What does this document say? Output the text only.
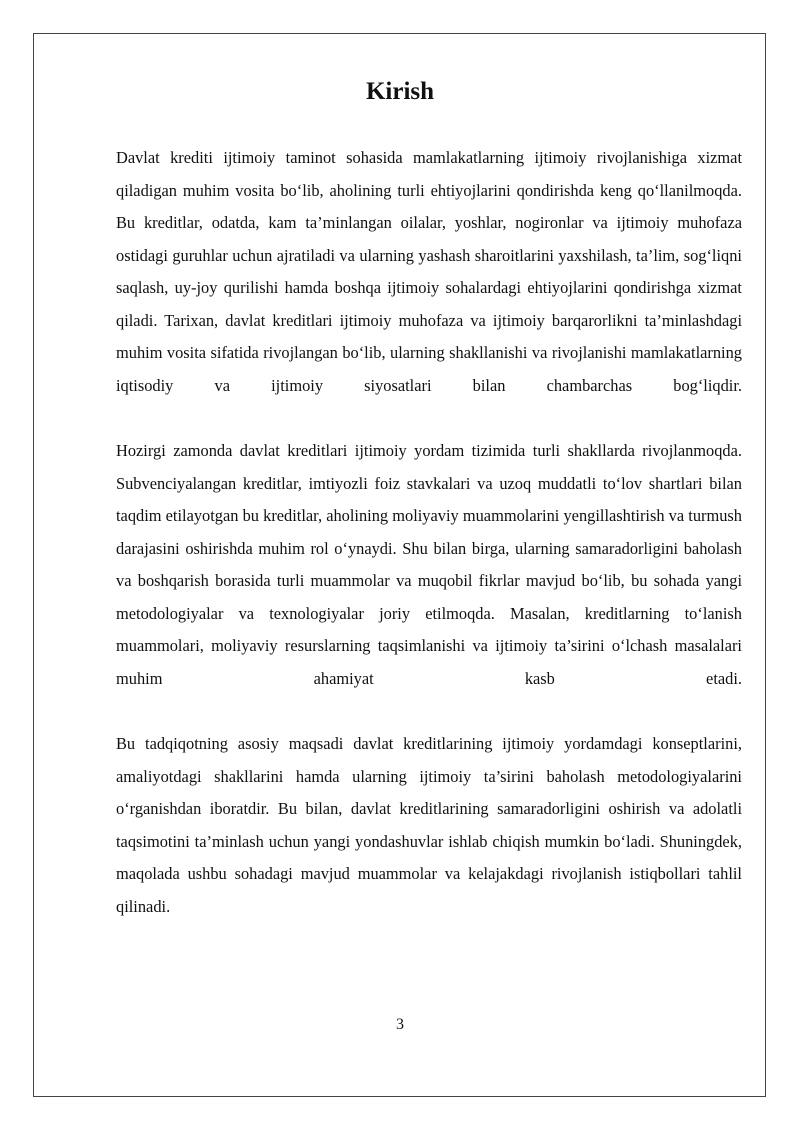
Kirish

Davlat krediti ijtimoiy taminot sohasida mamlakatlarning ijtimoiy rivojlanishiga xizmat qiladigan muhim vosita bo‘lib, aholining turli ehtiyojlarini qondirishda keng qo‘llanilmoqda. Bu kreditlar, odatda, kam ta’minlangan oilalar, yoshlar, nogironlar va ijtimoiy muhofaza ostidagi guruhlar uchun ajratiladi va ularning yashash sharoitlarini yaxshilash, ta’lim, sog‘liqni saqlash, uy-joy qurilishi hamda boshqa ijtimoiy sohalardagi ehtiyojlarini qondirishga xizmat qiladi. Tarixan, davlat kreditlari ijtimoiy muhofaza va ijtimoiy barqarorlikni ta’minlashdagi muhim vosita sifatida rivojlangan bo‘lib, ularning shakllanishi va rivojlanishi mamlakatlarning iqtisodiy va ijtimoiy siyosatlari bilan chambarchas bog‘liqdir.

Hozirgi zamonda davlat kreditlari ijtimoiy yordam tizimida turli shakllarda rivojlanmoqda. Subvenciyalangan kreditlar, imtiyozli foiz stavkalari va uzoq muddatli to‘lov shartlari bilan taqdim etilayotgan bu kreditlar, aholining moliyaviy muammolarini yengillashtirish va turmush darajasini oshirishda muhim rol o‘ynaydi. Shu bilan birga, ularning samaradorligini baholash va boshqarish borasida turli muammolar va muqobil fikrlar mavjud bo‘lib, bu sohada yangi metodologiyalar va texnologiyalar joriy etilmoqda. Masalan, kreditlarning to‘lanish muammolari, moliyaviy resurslarning taqsimlanishi va ijtimoiy ta’sirini o‘lchash masalalari muhim ahamiyat kasb etadi.

Bu tadqiqotning asosiy maqsadi davlat kreditlarining ijtimoiy yordamdagi konseptlarini, amaliyotdagi shakllarini hamda ularning ijtimoiy ta’sirini baholash metodologiyalarini o‘rganishdan iboratdir. Bu bilan, davlat kreditlarining samaradorligini oshirish va adolatli taqsimotini ta’minlash uchun yangi yondashuvlar ishlab chiqish mumkin bo‘ladi. Shuningdek, maqolada ushbu sohadagi mavjud muammolar va kelajakdagi rivojlanish istiqbollari tahlil qilinadi.

3
